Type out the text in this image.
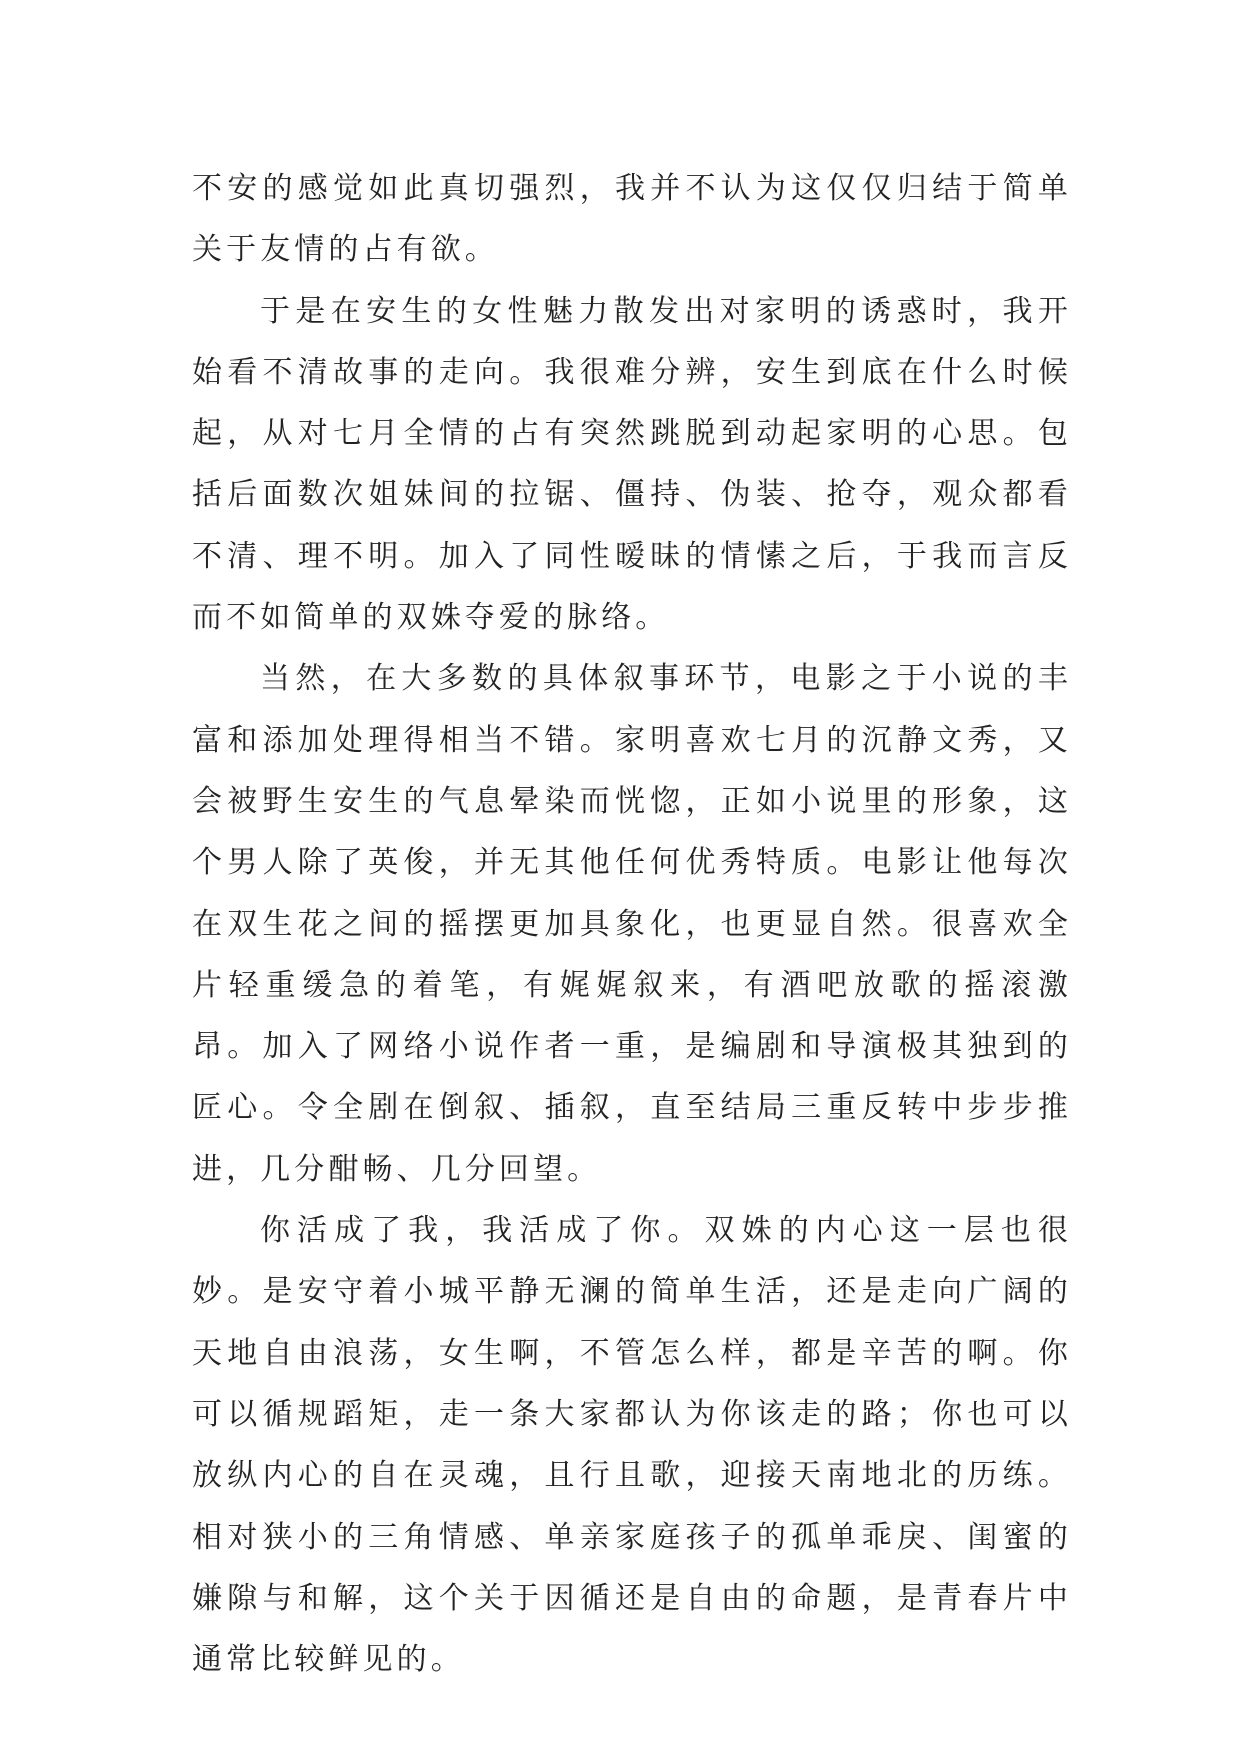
不安的感觉如此真切强烈，我并不认为这仅仅归结于简单关于友情的占有欲。

于是在安生的女性魅力散发出对家明的诱惑时，我开始看不清故事的走向。我很难分辨，安生到底在什么时候起，从对七月全情的占有突然跳脱到动起家明的心思。包括后面数次姐妹间的拉锯、僵持、伪装、抢夺，观众都看不清、理不明。加入了同性暧昧的情愫之后，于我而言反而不如简单的双姝夺爱的脉络。

当然，在大多数的具体叙事环节，电影之于小说的丰富和添加处理得相当不错。家明喜欢七月的沉静文秀，又会被野生安生的气息晕染而恍惚，正如小说里的形象，这个男人除了英俊，并无其他任何优秀特质。电影让他每次在双生花之间的摇摆更加具象化，也更显自然。很喜欢全片轻重缓急的着笔，有娓娓叙来，有酒吧放歌的摇滚激昂。加入了网络小说作者一重，是编剧和导演极其独到的匠心。令全剧在倒叙、插叙，直至结局三重反转中步步推进，几分酣畅、几分回望。

你活成了我，我活成了你。双姝的内心这一层也很妙。是安守着小城平静无澜的简单生活，还是走向广阔的天地自由浪荡，女生啊，不管怎么样，都是辛苦的啊。你可以循规蹈矩，走一条大家都认为你该走的路；你也可以放纵内心的自在灵魂，且行且歌，迎接天南地北的历练。相对狭小的三角情感、单亲家庭孩子的孤单乖戾、闺蜜的嫌隙与和解，这个关于因循还是自由的命题，是青春片中通常比较鲜见的。
